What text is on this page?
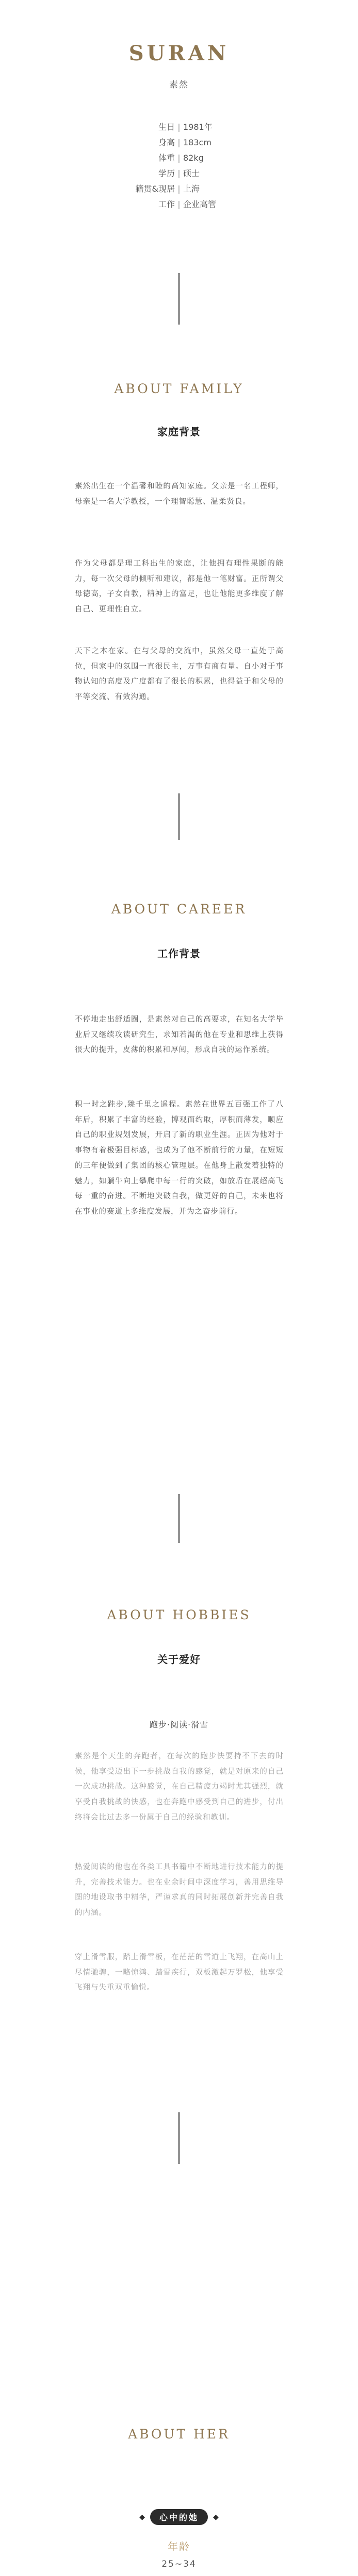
SURAN
素然
生日 | 1981年
身高 | 183cm
体重 | 82kg
学历 | 硕士
籍贯&现居 | 上海
工作 | 企业高管
ABOUT FAMILY
家庭背景

素然出生在一个温馨和睦的高知家庭。父亲是一名工程师，母亲是一名大学教授，一个理智聪慧、温柔贤良。

作为父母都是理工科出生的家庭，让他拥有理性果断的能力，每一次父母的倾听和建议，都是他一笔财富。正所谓父母德高，子女自教，精神上的富足，也让他能更多维度了解自己、更理性自立。

天下之本在家。在与父母的交流中，虽然父母一直处于高位，但家中的氛围一直很民主，万事有商有量。自小对于事物认知的高度及广度都有了很长的积累，也得益于和父母的平等交流、有效沟通。

ABOUT CAREER
工作背景

不停地走出舒适圈，是素然对自己的高要求，在知名大学毕业后又继续攻读研究生，求知若渴的他在专业和思维上获得很大的提升，皮薄的积累和厚阅，形成自我的运作系统。

积一时之跬步,臻千里之遥程。素然在世界五百强工作了八年后，积累了丰富的经验，博观而约取，厚积而薄发，顺应自己的职业规划发展，开启了新的职业生涯。正因为他对于事物有着极强目标感，也成为了他不断前行的力量，在短短的三年便做到了集团的核心管理层。在他身上散发着独特的魅力，如躺牛向上攀爬中每一行的突破，如放盾在展超高飞每一重的奋进。不断地突破自我，做更好的自己，未来也将在事业的赛道上多维度发展，并为之奋步前行。

ABOUT HOBBIES
关于爱好
跑步·阅读·滑雪

素然是个天生的奔跑者，在每次的跑步快要持不下去的时候，他享受迈出下一步挑战自我的感觉，就是对原来的自己一次成功挑战。这种感觉，在自己精疲力竭时尤其强烈，就享受自我挑战的快感，也在奔跑中感受到自己的进步，付出终将会比过去多一份属于自己的经验和教训。

热爱阅读的他也在各类工具书籍中不断地进行技术能力的提升，完善技术能力。也在业余时间中深度学习，善用思维导图的地设取书中精华，严谨求真的同时拓展创新并完善自我的内涵。

穿上滑雪服，踏上滑雪板，在茫茫的雪道上飞翔，在高山上尽情驰骋，一略惊鸿、踏雪疾行，双板激起万罗松，他享受飞翔与失重双重愉悦。

ABOUT HER
◆	心中的她	◆
年龄
25~34
